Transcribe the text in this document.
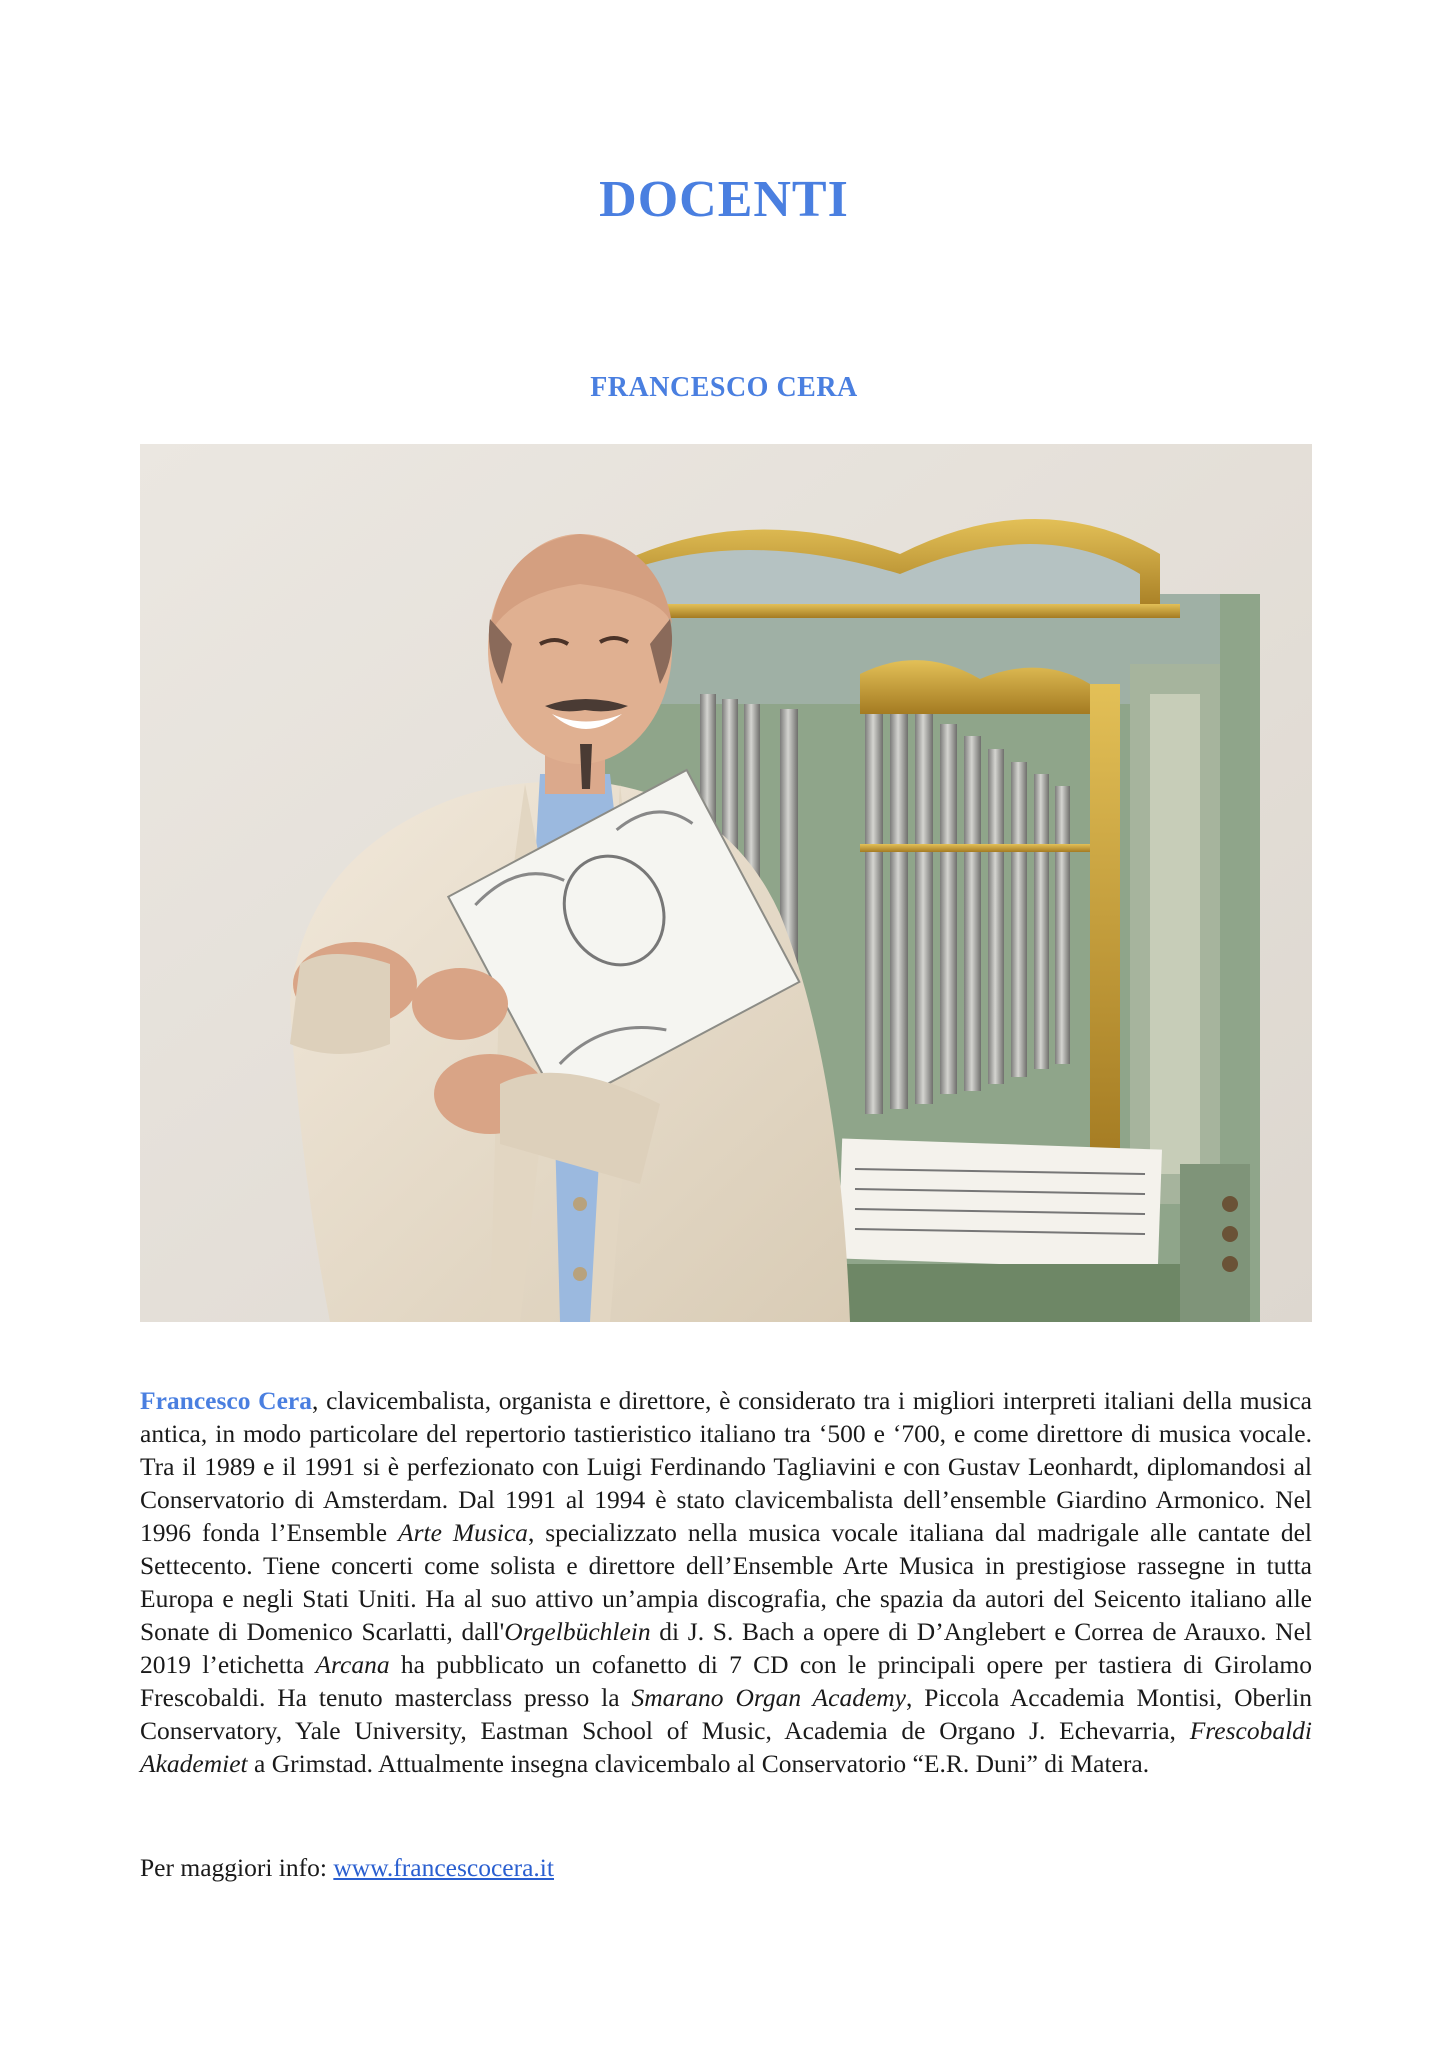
DOCENTI
FRANCESCO CERA

Francesco Cera, clavicembalista, organista e direttore, è considerato tra i migliori interpreti italiani della musica antica, in modo particolare del repertorio tastieristico italiano tra ‘500 e ‘700, e come direttore di musica vocale. Tra il 1989 e il 1991 si è perfezionato con Luigi Ferdinando Tagliavini e con Gustav Leonhardt, diplomandosi al Conservatorio di Amsterdam. Dal 1991 al 1994 è stato clavicembalista dell’ensemble Giardino Armonico. Nel 1996 fonda l’Ensemble Arte Musica, specializzato nella musica vocale italiana dal madrigale alle cantate del Settecento. Tiene concerti come solista e direttore dell’Ensemble Arte Musica in prestigiose rassegne in tutta Europa e negli Stati Uniti. Ha al suo attivo un’ampia discografia, che spazia da autori del Seicento italiano alle Sonate di Domenico Scarlatti, dall'Orgelbüchlein di J. S. Bach a opere di D’Anglebert e Correa de Arauxo. Nel 2019 l’etichetta Arcana ha pubblicato un cofanetto di 7 CD con le principali opere per tastiera di Girolamo Frescobaldi. Ha tenuto masterclass presso la Smarano Organ Academy, Piccola Accademia Montisi, Oberlin Conservatory, Yale University, Eastman School of Music, Academia de Organo J. Echevarria, Frescobaldi Akademiet a Grimstad. Attualmente insegna clavicembalo al Conservatorio “E.R. Duni” di Matera.

Per maggiori info: www.francescocera.it
